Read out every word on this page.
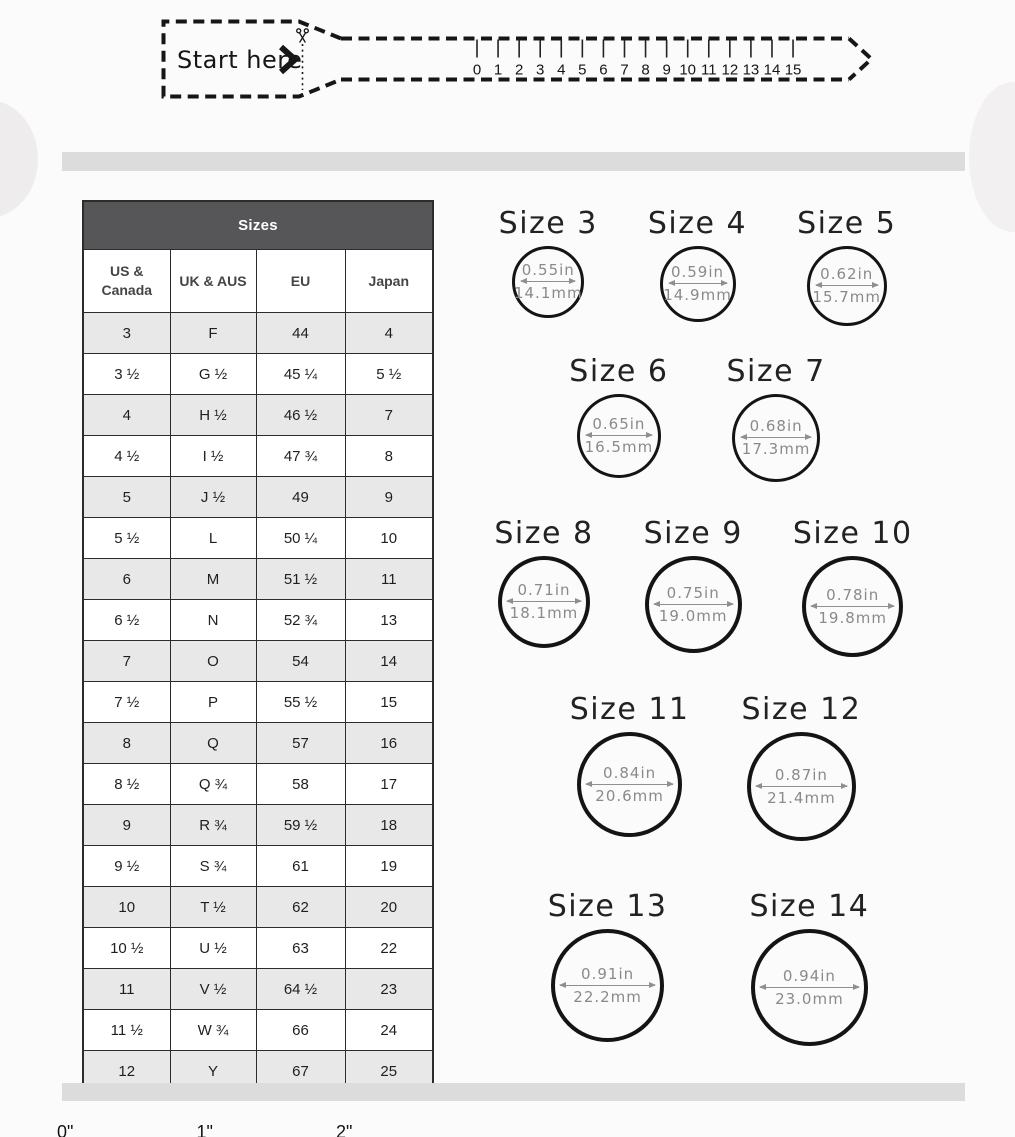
Start here	0 1 2 3 4 5 6 7 8 9 10 11 12 13 14 15
Sizes			
US & Canada	UK & AUS	EU	Japan
3	F	44	4
3 ½	G ½	45 ¼	5 ½
4	H ½	46 ½	7
4 ½	I ½	47 ¾	8
5	J ½	49	9
5 ½	L	50 ¼	10
6	M	51 ½	11
6 ½	N	52 ¾	13
7	O	54	14
7 ½	P	55 ½	15
8	Q	57	16
8 ½	Q ¾	58	17
9	R ¾	59 ½	18
9 ½	S ¾	61	19
10	T ½	62	20
10 ½	U ½	63	22
11	V ½	64 ½	23
11 ½	W ¾	66	24
12	Y	67	25
Size 3
0.55in
14.1mm
Size 4
0.59in
14.9mm
Size 5
0.62in
15.7mm
Size 6
0.65in
16.5mm
Size 7
0.68in
17.3mm
Size 8
0.71in
18.1mm
Size 9
0.75in
19.0mm
Size 10
0.78in
19.8mm
Size 11
0.84in
20.6mm
Size 12
0.87in
21.4mm
Size 13
0.91in
22.2mm
Size 14
0.94in
23.0mm
0"	1"	2"
